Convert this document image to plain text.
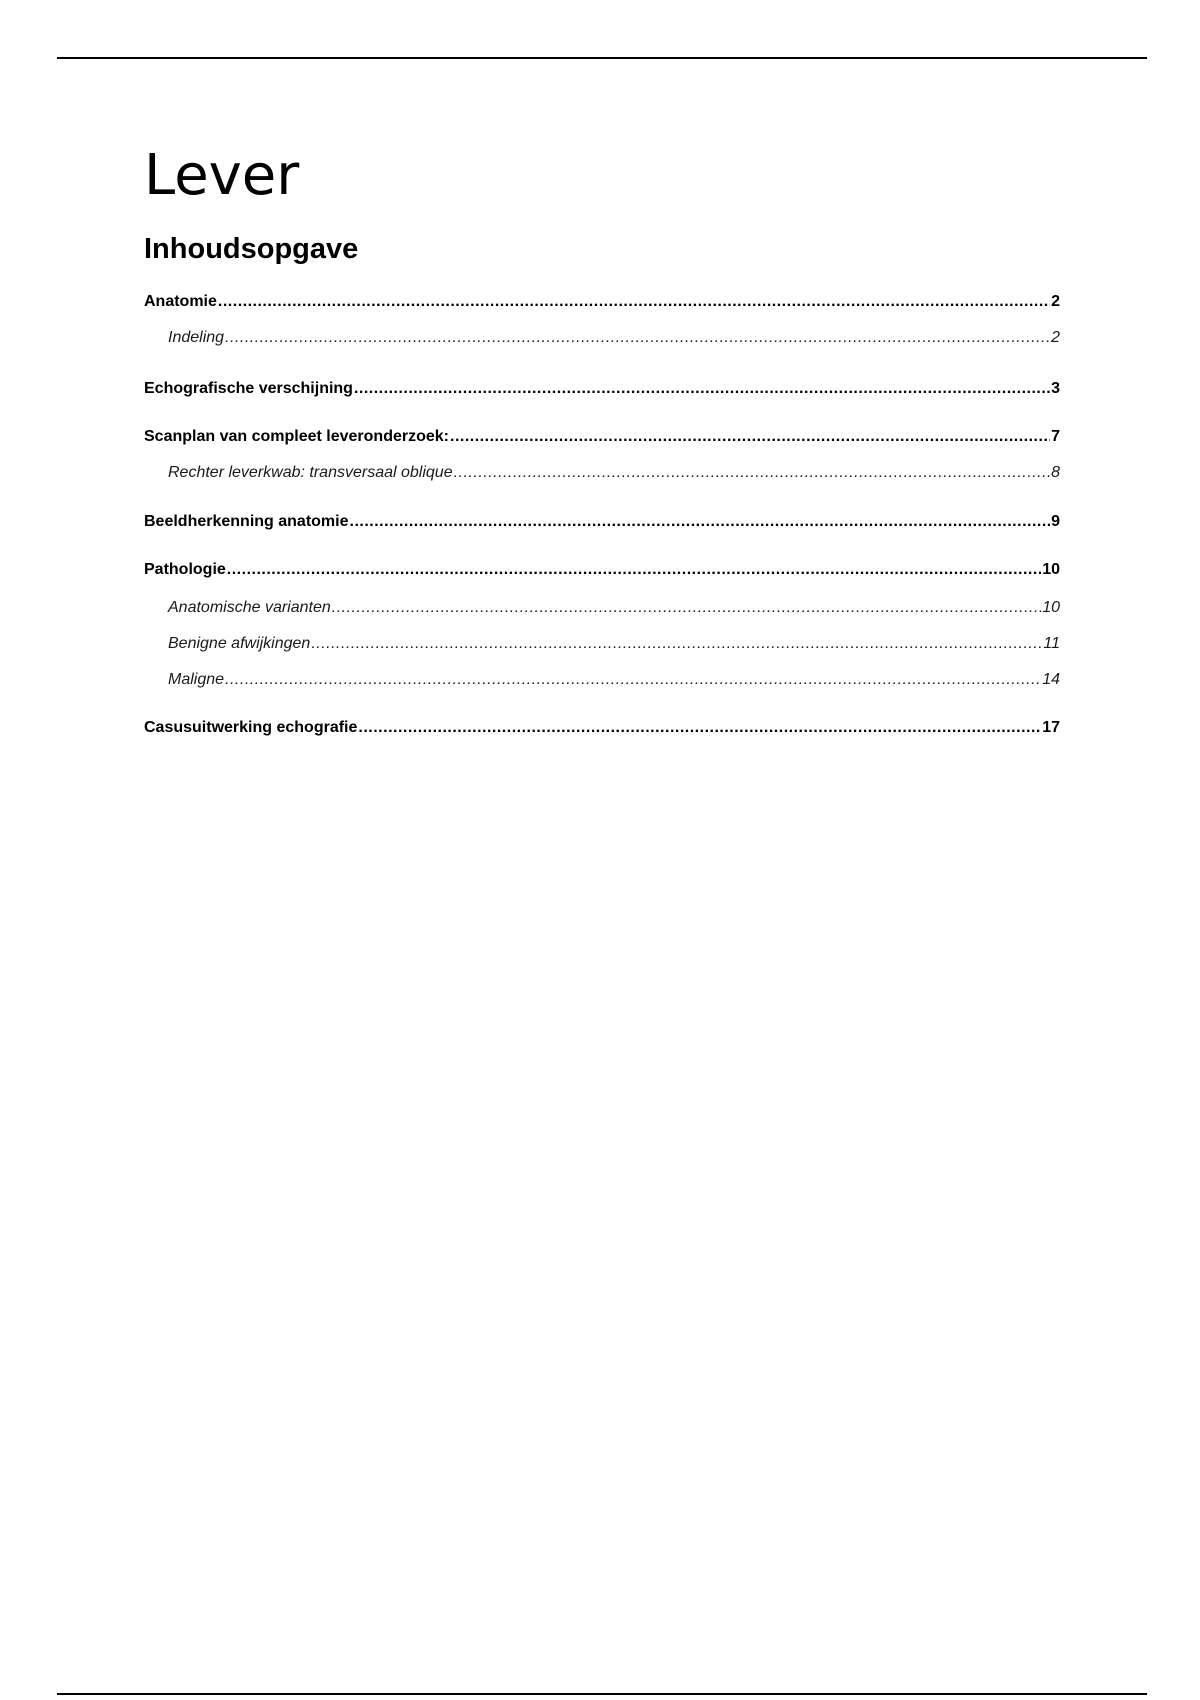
Lever
Inhoudsopgave
Anatomie .....	2
Indeling .....	2
Echografische verschijning .....	3
Scanplan van compleet leveronderzoek: .....	7
Rechter leverkwab: transversaal oblique .....	8
Beeldherkenning anatomie .....	9
Pathologie .....	10
Anatomische varianten .....	10
Benigne afwijkingen .....	11
Maligne .....	14
Casusuitwerking echografie .....	17
